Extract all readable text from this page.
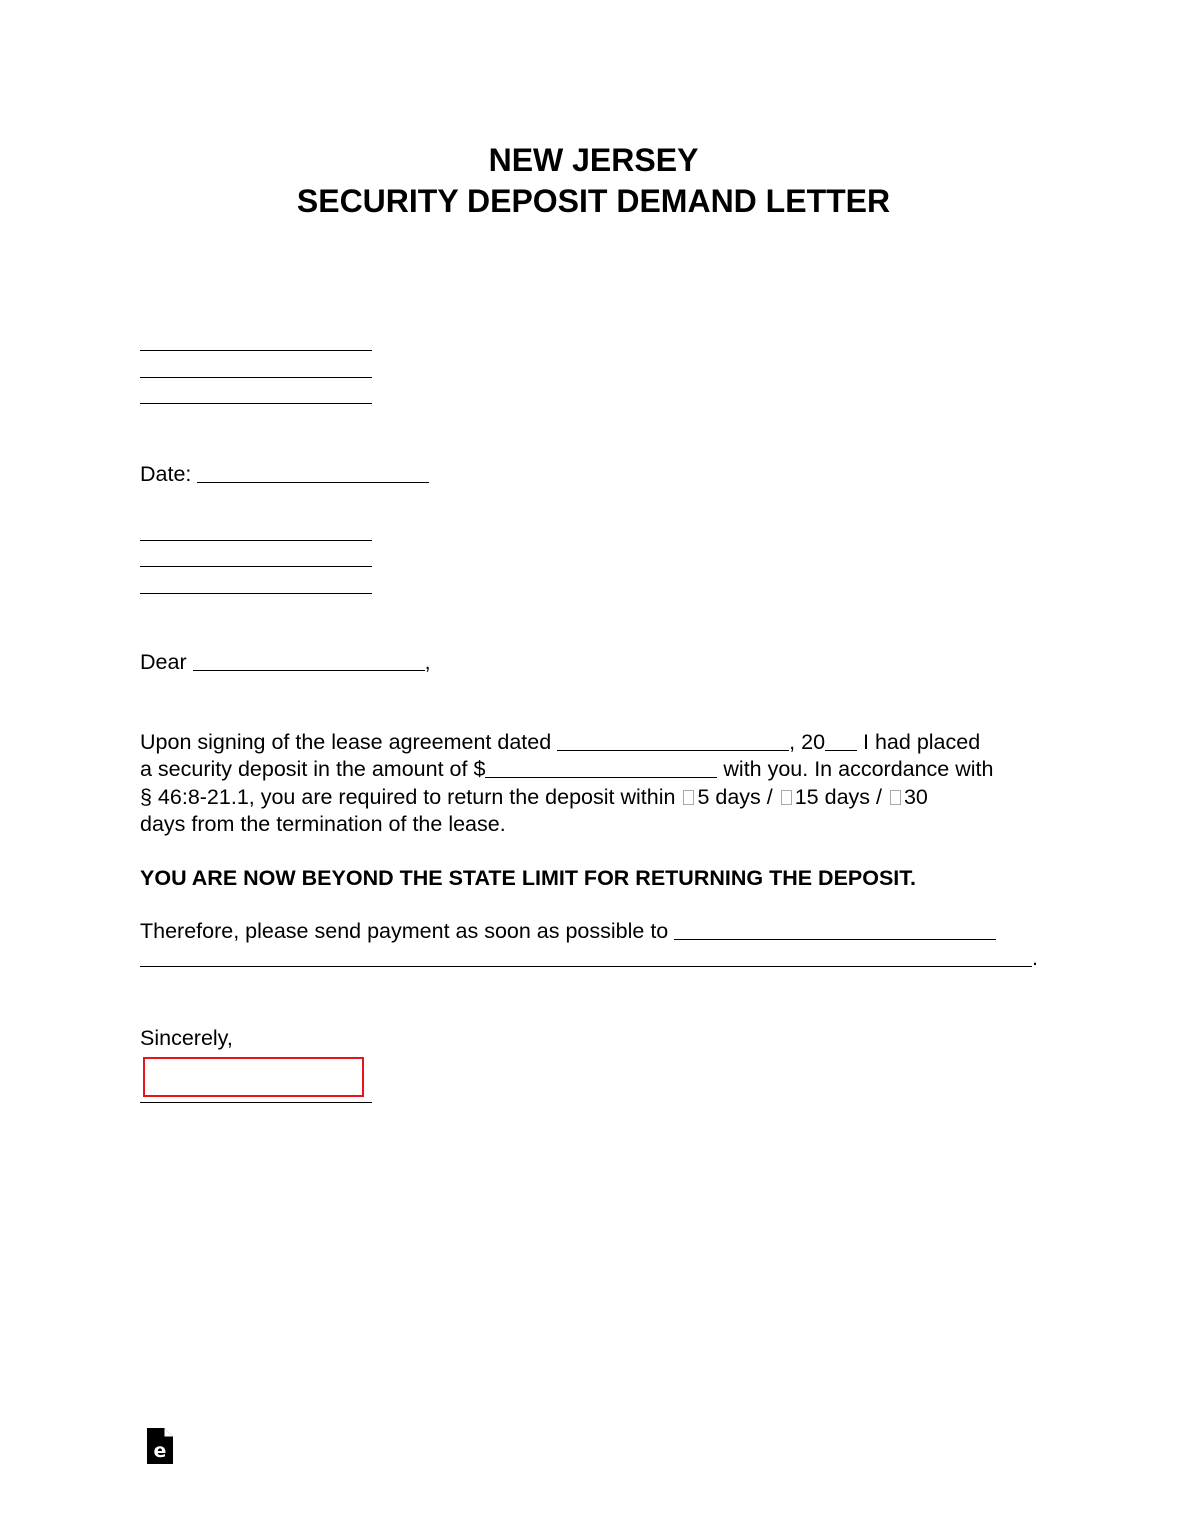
NEW JERSEY
SECURITY DEPOSIT DEMAND LETTER
Date:
Dear	,
Upon signing of the lease agreement dated	, 20 I had placed
a security deposit in the amount of $	with you. In accordance with
§ 46:8-21.1, you are required to return the deposit within 5 days / 15 days / 30
days from the termination of the lease.
YOU ARE NOW BEYOND THE STATE LIMIT FOR RETURNING THE DEPOSIT.
Therefore, please send payment as soon as possible to
.
Sincerely,
e
